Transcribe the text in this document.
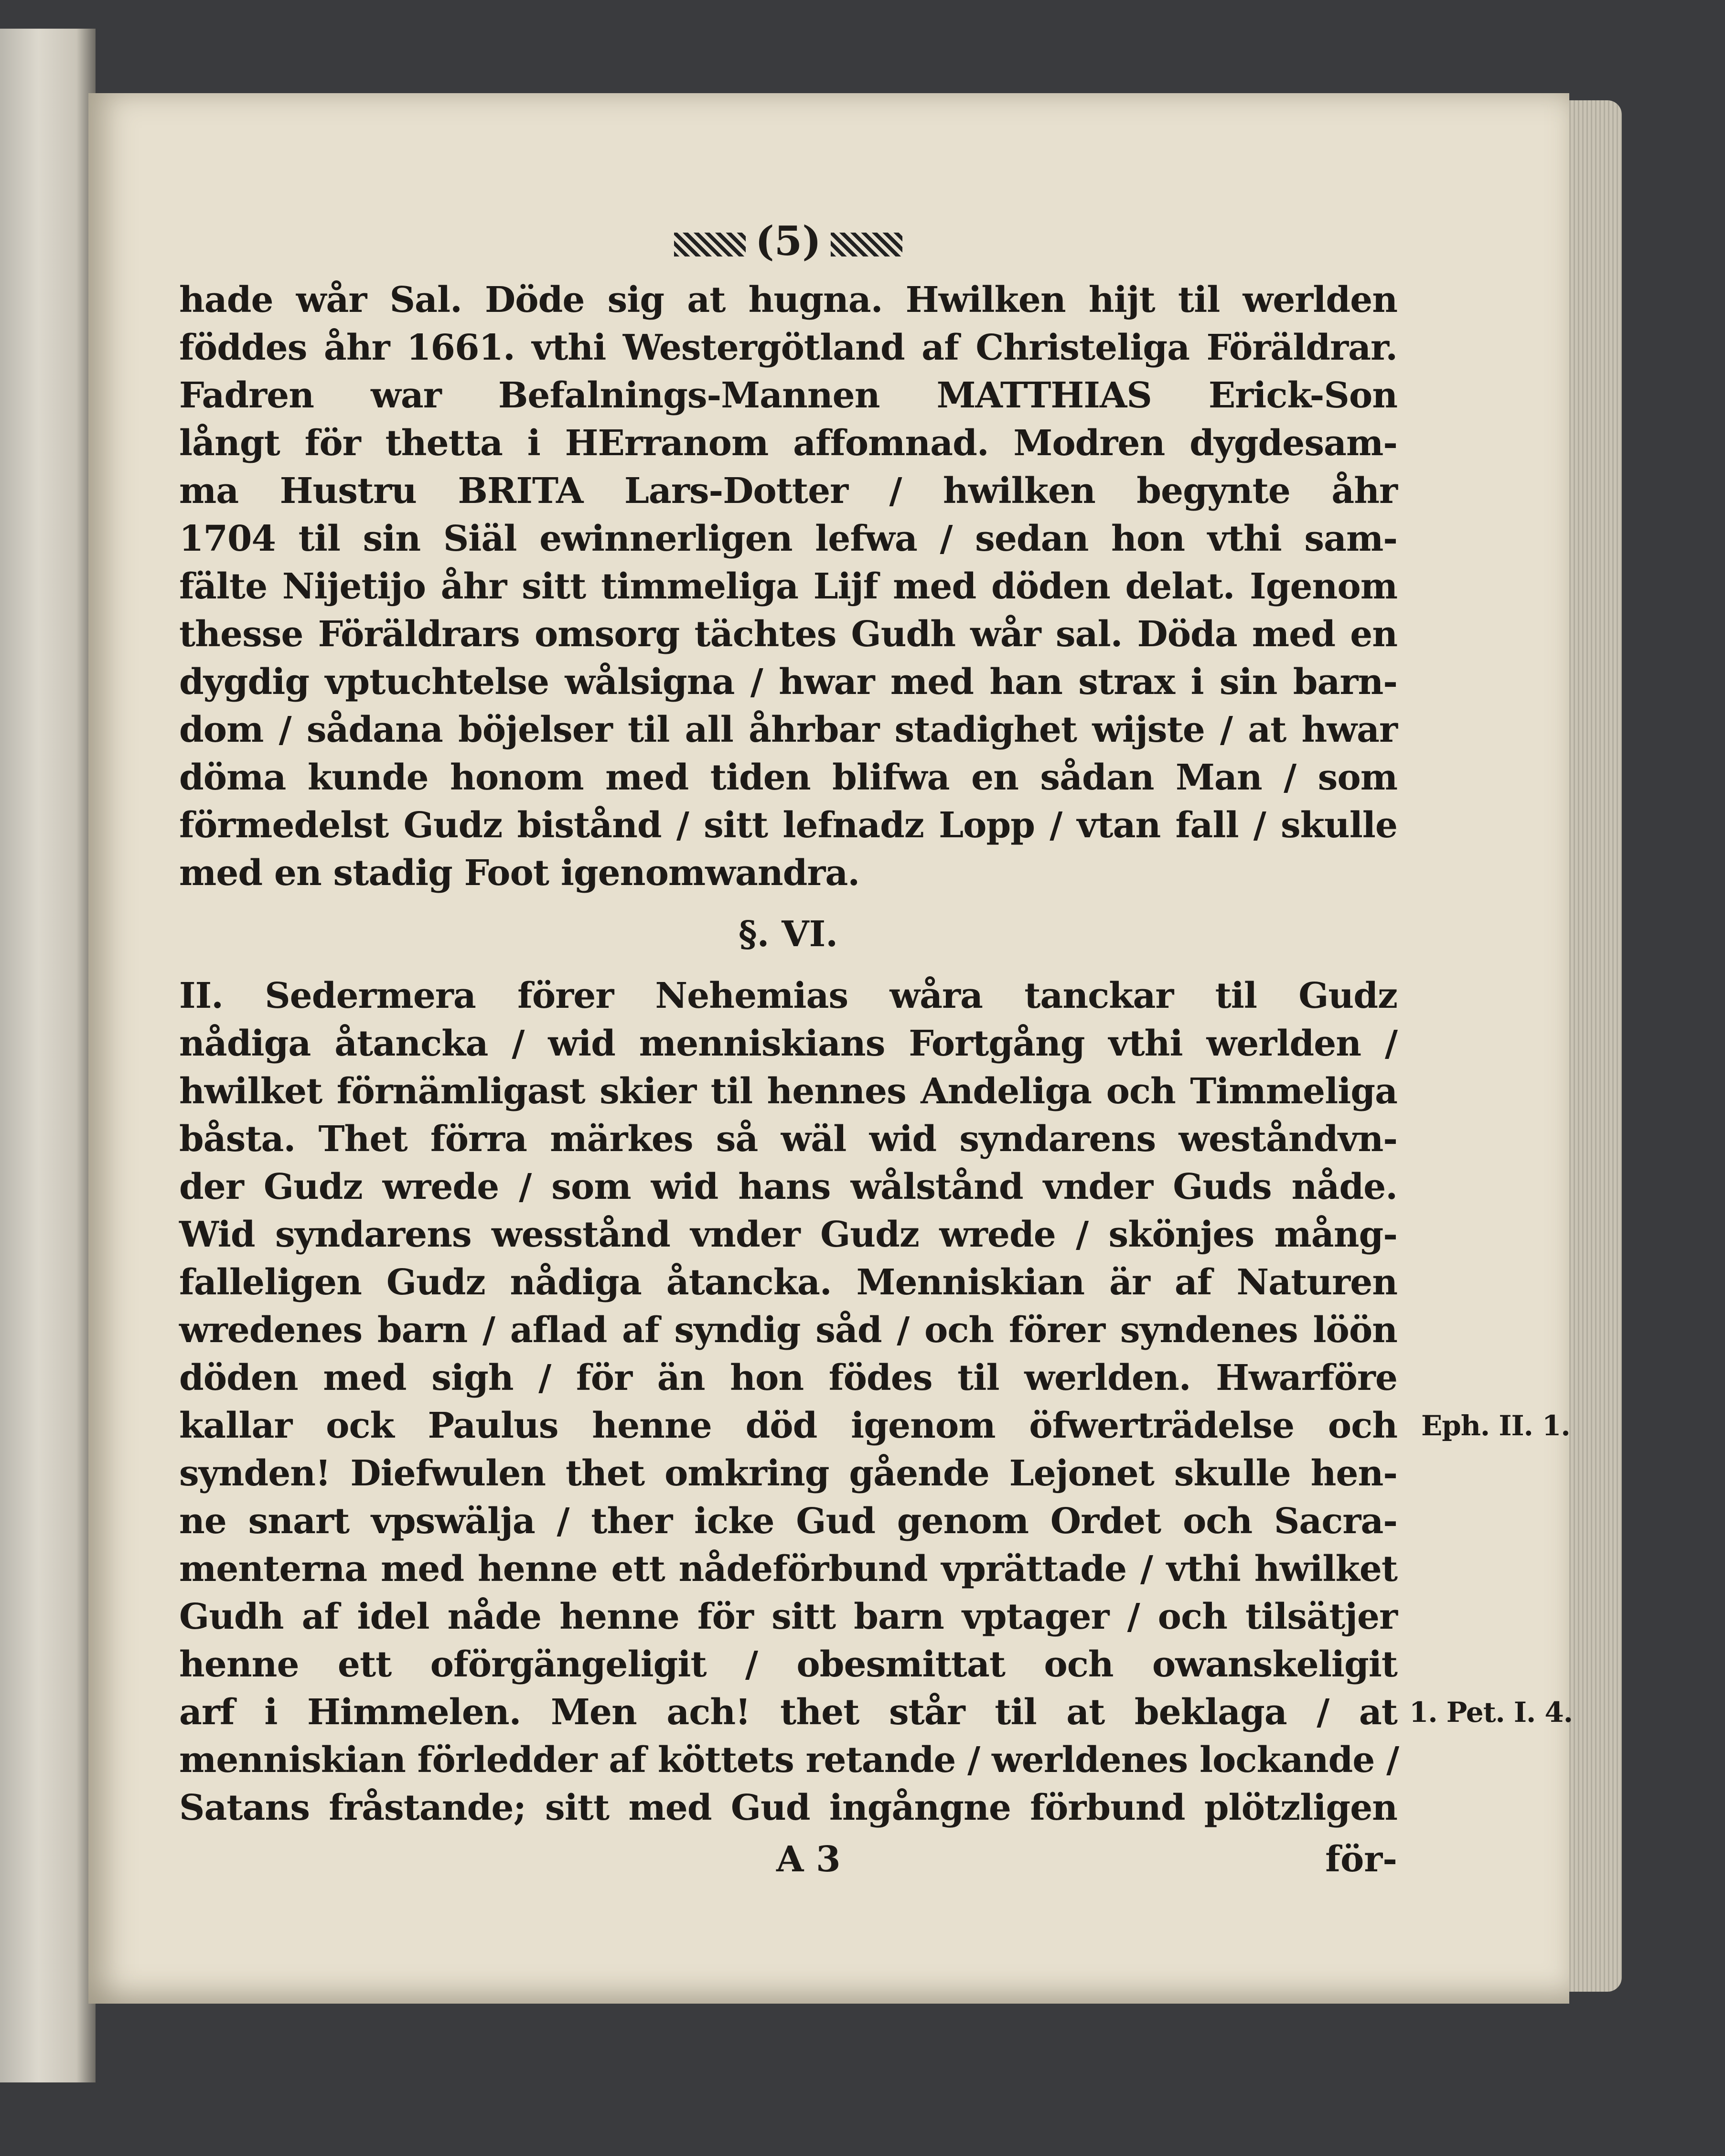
(5)
hade wår Sal. Döde sig at hugna. Hwilken hijt til werlden
föddes åhr 1661. vthi Westergötland af Christeliga Föräldrar.
Fadren war Befalnings-Mannen MATTHIAS Erick-Son
långt för thetta i HErranom affomnad. Modren dygdesam-
ma Hustru BRITA Lars-Dotter / hwilken begynte åhr
1704 til sin Siäl ewinnerligen lefwa / sedan hon vthi sam-
fälte Nijetijo åhr sitt timmeliga Lijf med döden delat. Igenom
thesse Föräldrars omsorg tächtes Gudh wår sal. Döda med en
dygdig vptuchtelse wålsigna / hwar med han strax i sin barn-
dom / sådana böjelser til all åhrbar stadighet wijste / at hwar
döma kunde honom med tiden blifwa en sådan Man / som
förmedelst Gudz bistånd / sitt lefnadz Lopp / vtan fall / skulle
med en stadig Foot igenomwandra.
§. VI.
II. Sedermera förer Nehemias wåra tanckar til Gudz
nådiga åtancka / wid menniskians Fortgång vthi werlden /
hwilket förnämligast skier til hennes Andeliga och Timmeliga
båsta. Thet förra märkes så wäl wid syndarens weståndvn-
der Gudz wrede / som wid hans wålstånd vnder Guds nåde.
Wid syndarens wesstånd vnder Gudz wrede / skönjes mång-
falleligen Gudz nådiga åtancka. Menniskian är af Naturen
wredenes barn / aflad af syndig såd / och förer syndenes löön
döden med sigh / för än hon födes til werlden. Hwarföre
kallar ock Paulus henne död igenom öfwerträdelse och Eph. II. 1.
synden! Diefwulen thet omkring gående Lejonet skulle hen-
ne snart vpswälja / ther icke Gud genom Ordet och Sacra-
menterna med henne ett nådeförbund vprättade / vthi hwilket
Gudh af idel nåde henne för sitt barn vptager / och tilsätjer
henne ett oförgängeligit / obesmittat och owanskeligit
arf i Himmelen. Men ach! thet står til at beklaga / at 1. Pet. I. 4.
menniskian förledder af köttets retande / werldenes lockande /
Satans fråstande; sitt med Gud ingångne förbund plötzligen
A 3	för-
